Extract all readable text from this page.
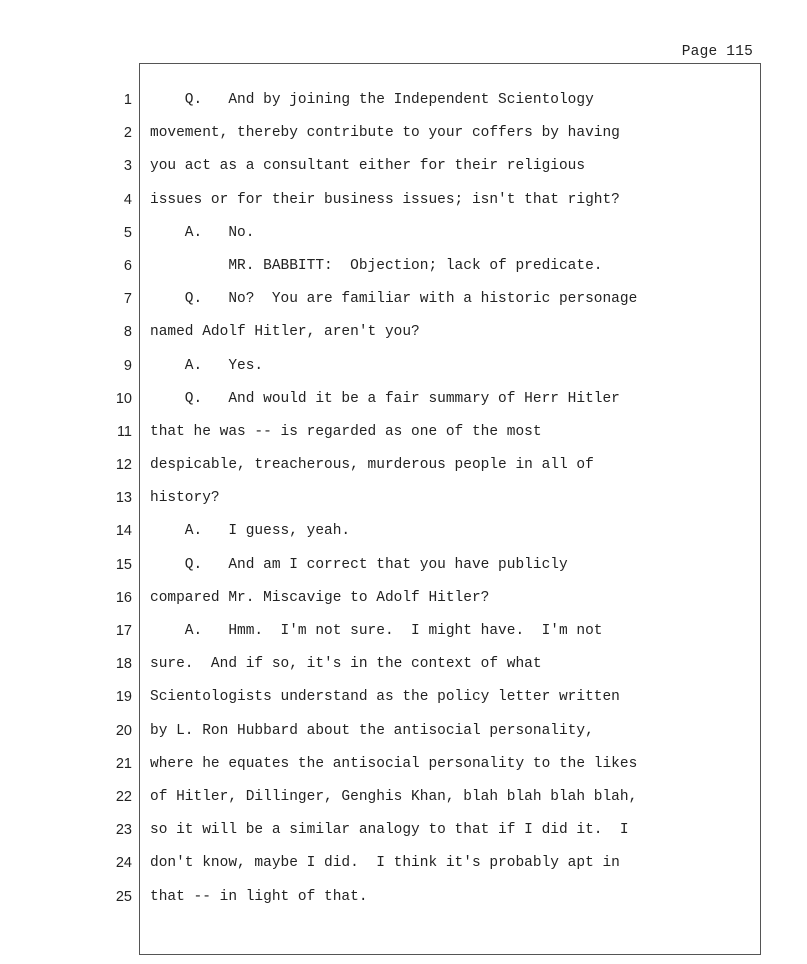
Page 115
1
2
3
4
5
6
7
8
9
10
11
12
13
14
15
16
17
18
19
20
21
22
23
24
25
Q.   And by joining the Independent Scientology
movement, thereby contribute to your coffers by having
you act as a consultant either for their religious
issues or for their business issues; isn't that right?
A.   No.
MR. BABBITT:  Objection; lack of predicate.
Q.   No?  You are familiar with a historic personage
named Adolf Hitler, aren't you?
A.   Yes.
Q.   And would it be a fair summary of Herr Hitler
that he was -- is regarded as one of the most
despicable, treacherous, murderous people in all of
history?
A.   I guess, yeah.
Q.   And am I correct that you have publicly
compared Mr. Miscavige to Adolf Hitler?
A.   Hmm.  I'm not sure.  I might have.  I'm not
sure.  And if so, it's in the context of what
Scientologists understand as the policy letter written
by L. Ron Hubbard about the antisocial personality,
where he equates the antisocial personality to the likes
of Hitler, Dillinger, Genghis Khan, blah blah blah blah,
so it will be a similar analogy to that if I did it.  I
don't know, maybe I did.  I think it's probably apt in
that -- in light of that.
